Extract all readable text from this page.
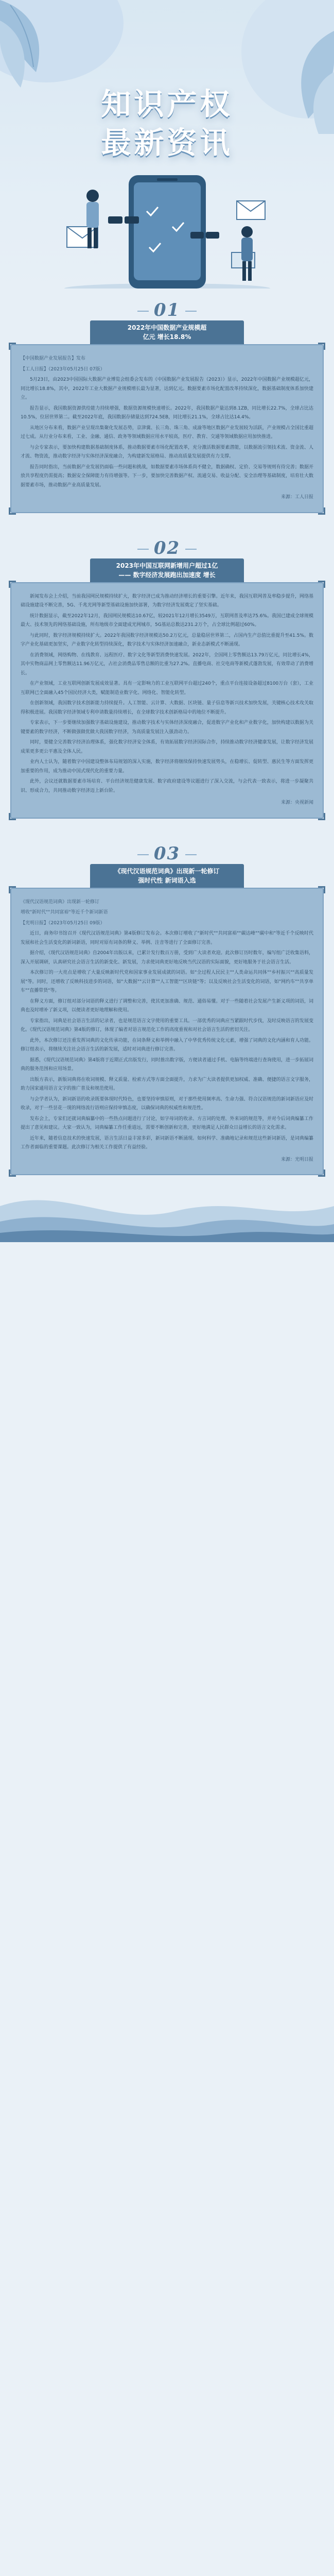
知识产权
最新资讯
01
2022年中国数据产业规模超
亿元 增长18.8%

【中国数据产业发展报告】发布

【工人日报】（2023年05月25日 07版）

5月23日，由2023中国国际大数据产业博览会组委会发布的《中国数据产业发展报告（2023）》显示，2022年中国数据产业规模超亿元，同比增长18.8%，其中，2022年工业大数据产业规模增长最为显著，达到亿元。数据要素市场化配置改革持续深化，数据基础制度体系加快建立。

报告显示，我国数据资源供给能力持续增强，数据资源规模快速增长。2022年，我国数据产量达到8.1ZB，同比增长22.7%，全球占比达10.5%，位居世界第二。截至2022年底，我国数据存储量达到724.5EB，同比增长21.1%，全球占比达14.4%。

从地区分布来看，数据产业呈现出集聚化发展态势，京津冀、长三角、珠三角、成渝等地区数据产业发展较为活跃，产业规模占全国比重超过七成。从行业分布来看，工业、金融、通信、政务等领域数据应用水平较高，医疗、教育、交通等领域数据应用加快推进。

与会专家表示，要加快构建数据基础制度体系，推动数据要素市场化配置改革，充分激活数据要素潜能，以数据流引领技术流、资金流、人才流、物资流，推动数字经济与实体经济深度融合，为构建新发展格局、推动高质量发展提供有力支撑。

报告同时指出，当前数据产业发展仍面临一些问题和挑战，如数据要素市场体系尚不健全，数据确权、定价、交易等规则有待完善；数据开放共享程度仍需提高；数据安全保障能力有待增强等。下一步，要加快完善数据产权、流通交易、收益分配、安全治理等基础制度，培育壮大数据要素市场，推动数据产业高质量发展。

来源：工人日报

02
2023年中国互联网新增用户超过1亿
—— 数字经济发展跑出加速度 增长

新闻发布会上介绍，当前我国网民规模持续扩大，数字经济已成为推动经济增长的重要引擎。近年来，我国互联网普及率稳步提升，网络基础设施建设不断完善，5G、千兆光网等新型基础设施加快部署，为数字经济发展奠定了坚实基础。

统计数据显示，截至2022年12月，我国网民规模达10.67亿，较2021年12月增长3549万，互联网普及率达75.6%。我国已建成全球规模最大、技术领先的网络基础设施，所有地级市全面建成光网城市，5G基站总数达231.2万个，占全球比例超过60%。

与此同时，数字经济规模持续扩大。2022年我国数字经济规模达50.2万亿元，总量稳居世界第二，占国内生产总值比重提升至41.5%。数字产业化基础更加坚实，产业数字化转型持续深化，数字技术与实体经济加速融合，新业态新模式不断涌现。

在消费领域，网络购物、在线教育、远程医疗、数字文化等新型消费快速发展。2022年，全国网上零售额达13.79万亿元，同比增长4%，其中实物商品网上零售额达11.96万亿元，占社会消费品零售总额的比重为27.2%。直播电商、社交电商等新模式蓬勃发展，有效带动了消费增长。

在产业领域，工业互联网创新发展成效显著。具有一定影响力的工业互联网平台超过240个，重点平台连接设备超过8100万台（套），工业互联网已全面融入45个国民经济大类，赋能制造业数字化、网络化、智能化转型。

在创新领域，我国数字技术创新能力持续提升。人工智能、云计算、大数据、区块链、量子信息等新兴技术加快发展，关键核心技术攻关取得积极进展。我国数字经济领域专利申请数量持续增长，在全球数字技术创新格局中的地位不断提升。

专家表示，下一步要继续加强数字基础设施建设，推动数字技术与实体经济深度融合，促进数字产业化和产业数字化，加快构建以数据为关键要素的数字经济，不断做强做优做大我国数字经济，为高质量发展注入强劲动力。

同时，要健全完善数字经济治理体系，强化数字经济安全体系，有效拓展数字经济国际合作，持续推动数字经济健康发展，让数字经济发展成果更多更公平惠及全体人民。

业内人士认为，随着数字中国建设整体布局规划的深入实施，数字经济将继续保持快速发展势头，在稳增长、促转型、惠民生等方面发挥更加重要的作用，成为推动中国式现代化的重要力量。

此外，会议还就数据要素市场培育、平台经济规范健康发展、数字政府建设等议题进行了深入交流，与会代表一致表示，将进一步凝聚共识、形成合力，共同推动数字经济迈上新台阶。

来源：央视新闻

03
《现代汉语规范词典》出现新一轮修订
强时代性 新词语入选

《现代汉语规范词典》出现新一轮修订

增收"新时代""共同富裕"等近千个新词新语

【光明日报】（2023年05月25日 09版）

近日，商务印书馆召开《现代汉语规范词典》第4版修订发布会。本次修订增收了"新时代""共同富裕""碳达峰""碳中和"等近千个反映时代发展和社会生活变化的新词新语，同时对原有词条的释义、举例、注音等进行了全面修订完善。

据介绍，《现代汉语规范词典》自2004年出版以来，已累计发行数百万册，受到广大读者欢迎。此次修订历时数年，编写组广泛收集语料，深入开展调研，认真研究社会语言生活的新变化、新发展，力求使词典更好地反映当代汉语的实际面貌，更好地服务于社会语言生活。

本次修订的一大亮点是增收了大量反映新时代党和国家事业发展成就的词语。如"全过程人民民主""人类命运共同体""乡村振兴""高质量发展"等。同时，还增收了反映科技进步的词语，如"大数据""云计算""人工智能""区块链"等；以及反映社会生活变化的词语，如"网约车""共享单车""直播带货"等。

在释义方面，修订组对部分词语的释义进行了调整和完善，使其更加准确、规范、通俗易懂。对于一些随着社会发展产生新义项的词语，词典也及时增补了新义项，以便读者更好地理解和使用。

专家指出，词典是社会语言生活的记录者，也是规范语言文字使用的重要工具。一部优秀的词典应当紧跟时代步伐，及时反映语言的发展变化。《现代汉语规范词典》第4版的修订，体现了编者对语言规范化工作的高度重视和对社会语言生活的密切关注。

此外，本次修订还注重发挥词典的文化传承功能，在词条释义和举例中融入了中华优秀传统文化元素，增强了词典的文化内涵和育人功能。修订组表示，将继续关注社会语言生活的新发展，适时对词典进行修订完善。

据悉，《现代汉语规范词典》第4版将于近期正式出版发行，同时推出数字版，方便读者通过手机、电脑等终端进行查询使用，进一步拓展词典的服务范围和应用场景。

出版方表示，新版词典将在收词规模、释义质量、检索方式等方面全面提升，力求为广大读者提供更加权威、准确、便捷的语言文字服务，助力国家通用语言文字的推广普及和规范使用。

与会学者认为，新词新语的收录既要体现时代特色，也要坚持审慎原则，对于那些使用频率高、生命力强、符合汉语规范的新词新语应及时收录，对于一些昙花一现的网络流行语则应保持审慎态度，以确保词典的权威性和规范性。

发布会上，专家们还就词典编纂中的一些热点问题进行了讨论，如字母词的收录、方言词的处理、外来词的规范等，并对今后词典编纂工作提出了意见和建议。大家一致认为，词典编纂工作任重道远，需要不断创新和完善，更好地满足人民群众日益增长的语言文化需求。

近年来，随着信息技术的快速发展，语言生活日益丰富多彩，新词新语不断涌现。如何科学、准确地记录和规范这些新词新语，是词典编纂工作者面临的重要课题。此次修订为相关工作提供了有益经验。

来源：光明日报
